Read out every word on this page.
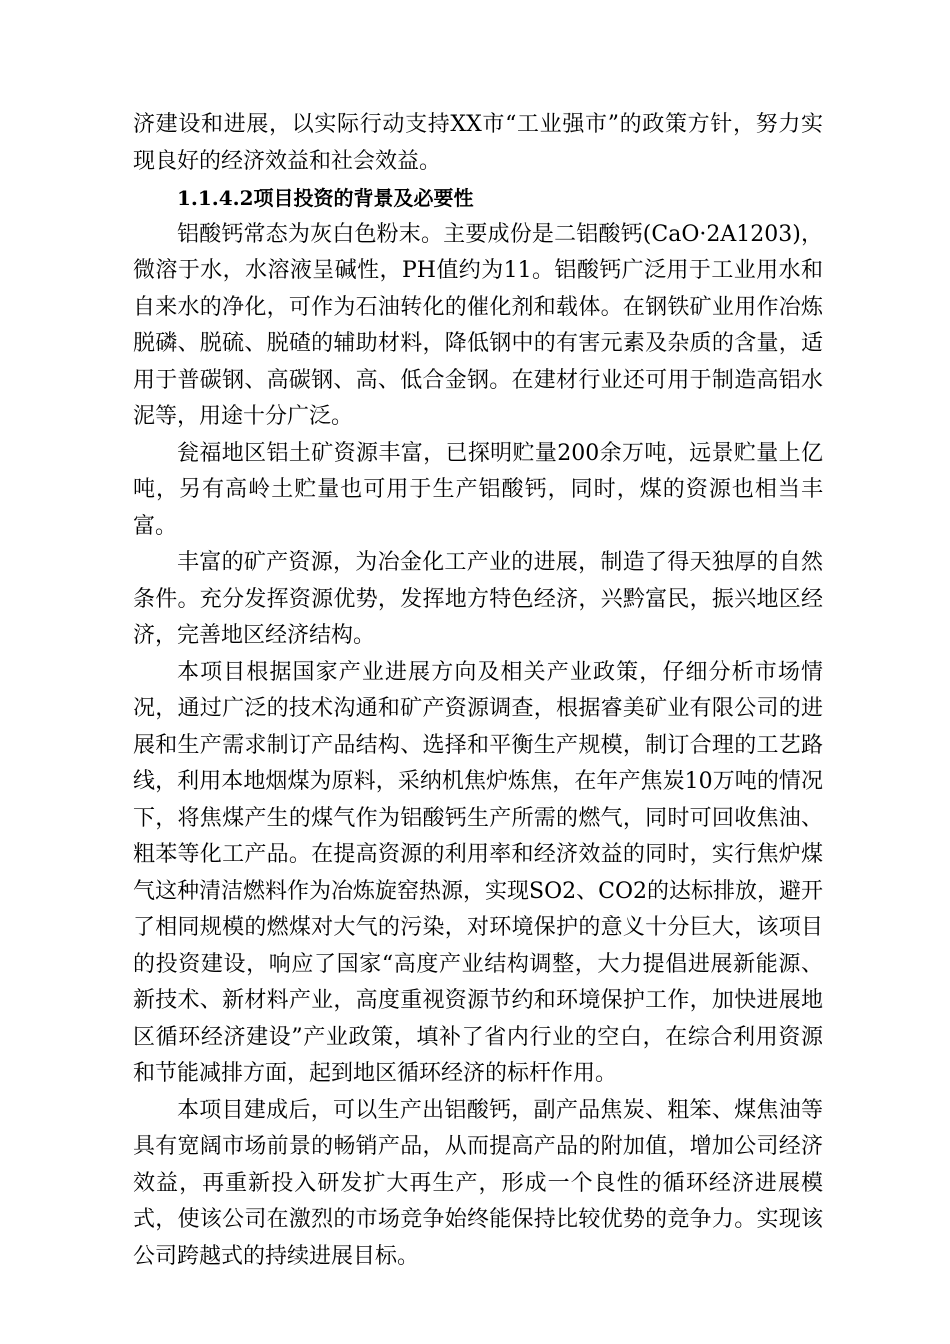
济建设和进展，以实际行动支持XX市“工业强市”的政策方针，努力实现良好的经济效益和社会效益。

1.1.4.2项目投资的背景及必要性

铝酸钙常态为灰白色粉末。主要成份是二铝酸钙(CaO·2A1203)，微溶于水，水溶液呈碱性，PH值约为11。铝酸钙广泛用于工业用水和自来水的净化，可作为石油转化的催化剂和载体。在钢铁矿业用作冶炼脱磷、脱硫、脱碴的辅助材料，降低钢中的有害元素及杂质的含量，适用于普碳钢、高碳钢、高、低合金钢。在建材行业还可用于制造高铝水泥等，用途十分广泛。

瓮福地区铝土矿资源丰富，已探明贮量200余万吨，远景贮量上亿吨，另有高岭土贮量也可用于生产铝酸钙，同时，煤的资源也相当丰富。

丰富的矿产资源，为冶金化工产业的进展，制造了得天独厚的自然条件。充分发挥资源优势，发挥地方特色经济，兴黔富民，振兴地区经济，完善地区经济结构。

本项目根据国家产业进展方向及相关产业政策，仔细分析市场情况，通过广泛的技术沟通和矿产资源调查，根据睿美矿业有限公司的进展和生产需求制订产品结构、选择和平衡生产规模，制订合理的工艺路线，利用本地烟煤为原料，采纳机焦炉炼焦，在年产焦炭10万吨的情况下，将焦煤产生的煤气作为铝酸钙生产所需的燃气，同时可回收焦油、粗苯等化工产品。在提高资源的利用率和经济效益的同时，实行焦炉煤气这种清洁燃料作为冶炼旋窑热源，实现SO2、CO2的达标排放，避开了相同规模的燃煤对大气的污染，对环境保护的意义十分巨大，该项目的投资建设，响应了国家“高度产业结构调整，大力提倡进展新能源、新技术、新材料产业，高度重视资源节约和环境保护工作，加快进展地区循环经济建设”产业政策，填补了省内行业的空白，在综合利用资源和节能减排方面，起到地区循环经济的标杆作用。

本项目建成后，可以生产出铝酸钙，副产品焦炭、粗笨、煤焦油等具有宽阔市场前景的畅销产品，从而提高产品的附加值，增加公司经济效益，再重新投入研发扩大再生产，形成一个良性的循环经济进展模式，使该公司在激烈的市场竞争始终能保持比较优势的竞争力。实现该公司跨越式的持续进展目标。
